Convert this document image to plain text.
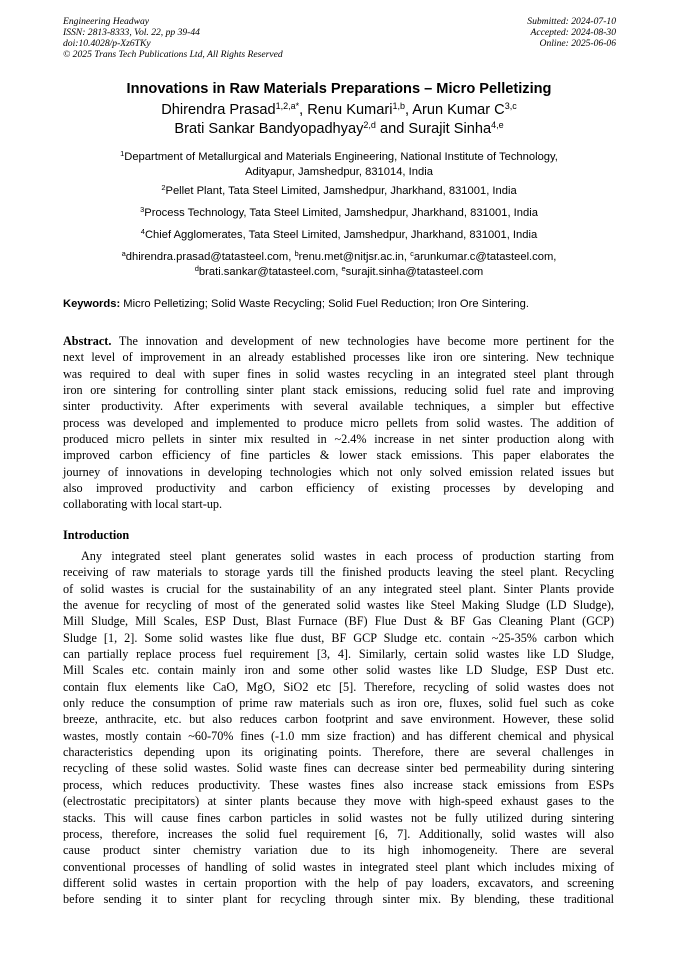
Engineering Headway
ISSN: 2813-8333, Vol. 22, pp 39-44
doi:10.4028/p-Xz6TKy
© 2025 Trans Tech Publications Ltd, All Rights Reserved
Submitted: 2024-07-10
Accepted: 2024-08-30
Online: 2025-06-06
Innovations in Raw Materials Preparations – Micro Pelletizing
Dhirendra Prasad$^{1,2,a*}$, Renu Kumari$^{1,b}$, Arun Kumar C$^{3,c}$
Brati Sankar Bandyopadhyay$^{2,d}$ and Surajit Sinha$^{4,e}$
$^1$Department of Metallurgical and Materials Engineering, National Institute of Technology,
Adityapur, Jamshedpur, 831014, India
$^2$Pellet Plant, Tata Steel Limited, Jamshedpur, Jharkhand, 831001, India
$^3$Process Technology, Tata Steel Limited, Jamshedpur, Jharkhand, 831001, India
$^4$Chief Agglomerates, Tata Steel Limited, Jamshedpur, Jharkhand, 831001, India
$^a$dhirendra.prasad@tatasteel.com, $^b$renu.met@nitjsr.ac.in, $^c$arunkumar.c@tatasteel.com,
$^d$brati.sankar@tatasteel.com, $^e$surajit.sinha@tatasteel.com
Keywords: Micro Pelletizing; Solid Waste Recycling; Solid Fuel Reduction; Iron Ore Sintering.
Abstract. The innovation and development of new technologies have become more pertinent for the
next level of improvement in an already established processes like iron ore sintering. New technique
was required to deal with super fines in solid wastes recycling in an integrated steel plant through
iron ore sintering for controlling sinter plant stack emissions, reducing solid fuel rate and improving
sinter productivity. After experiments with several available techniques, a simpler but effective
process was developed and implemented to produce micro pellets from solid wastes. The addition of
produced micro pellets in sinter mix resulted in ~2.4% increase in net sinter production along with
improved carbon efficiency of fine particles & lower stack emissions. This paper elaborates the
journey of innovations in developing technologies which not only solved emission related issues but
also improved productivity and carbon efficiency of existing processes by developing and
collaborating with local start-up.
Introduction
Any integrated steel plant generates solid wastes in each process of production starting from
receiving of raw materials to storage yards till the finished products leaving the steel plant. Recycling
of solid wastes is crucial for the sustainability of an any integrated steel plant. Sinter Plants provide
the avenue for recycling of most of the generated solid wastes like Steel Making Sludge (LD Sludge),
Mill Sludge, Mill Scales, ESP Dust, Blast Furnace (BF) Flue Dust & BF Gas Cleaning Plant (GCP)
Sludge [1, 2]. Some solid wastes like flue dust, BF GCP Sludge etc. contain ~25-35% carbon which
can partially replace process fuel requirement [3, 4]. Similarly, certain solid wastes like LD Sludge,
Mill Scales etc. contain mainly iron and some other solid wastes like LD Sludge, ESP Dust etc.
contain flux elements like CaO, MgO, SiO2 etc [5]. Therefore, recycling of solid wastes does not
only reduce the consumption of prime raw materials such as iron ore, fluxes, solid fuel such as coke
breeze, anthracite, etc. but also reduces carbon footprint and save environment. However, these solid
wastes, mostly contain ~60-70% fines (-1.0 mm size fraction) and has different chemical and physical
characteristics depending upon its originating points. Therefore, there are several challenges in
recycling of these solid wastes. Solid waste fines can decrease sinter bed permeability during sintering
process, which reduces productivity. These wastes fines also increase stack emissions from ESPs
(electrostatic precipitators) at sinter plants because they move with high-speed exhaust gases to the
stacks. This will cause fines carbon particles in solid wastes not be fully utilized during sintering
process, therefore, increases the solid fuel requirement [6, 7]. Additionally, solid wastes will also
cause product sinter chemistry variation due to its high inhomogeneity. There are several
conventional processes of handling of solid wastes in integrated steel plant which includes mixing of
different solid wastes in certain proportion with the help of pay loaders, excavators, and screening
before sending it to sinter plant for recycling through sinter mix. By blending, these traditional
